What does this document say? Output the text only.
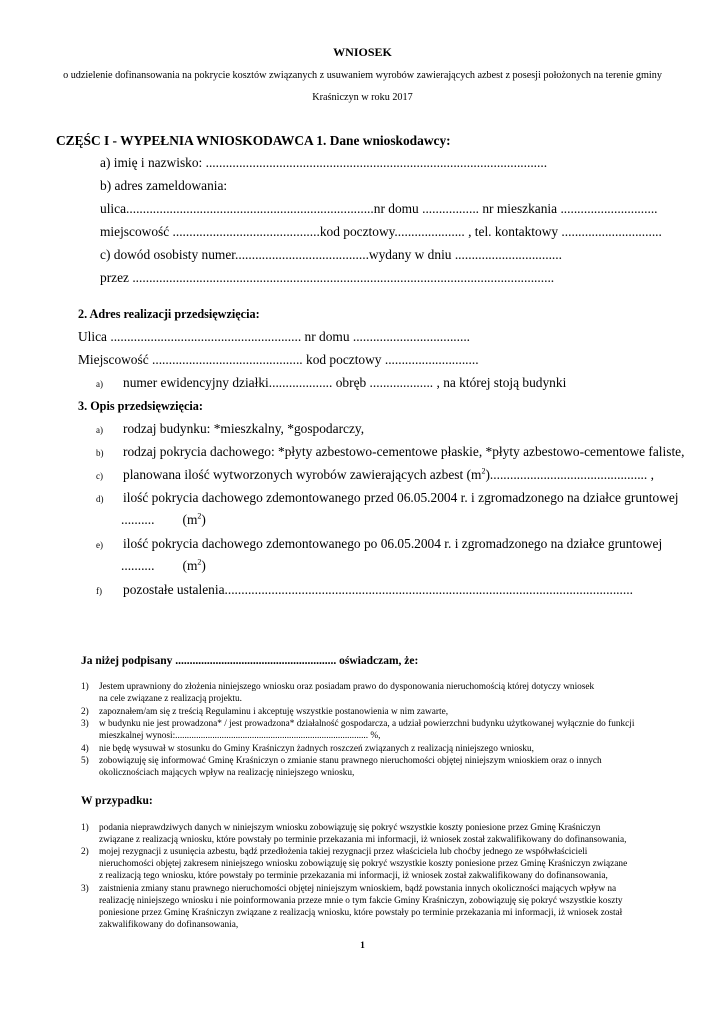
WNIOSEK
o udzielenie dofinansowania na pokrycie kosztów związanych z usuwaniem wyrobów zawierających azbest z posesji położonych na terenie gminy
Kraśniczyn w roku 2017
CZĘŚC I - WYPEŁNIA WNIOSKODAWCA 1. Dane wnioskodawcy:
a) imię i nazwisko: ......................................................................................................
b) adres zameldowania:
ulica..........................................................................nr domu ................. nr mieszkania .............................
miejscowość ............................................kod pocztowy..................... , tel. kontaktowy ..............................
c) dowód osobisty numer........................................wydany w dniu ................................
przez ..............................................................................................................................
2. Adres realizacji przedsięwzięcia:
Ulica ......................................................... nr domu ...................................
Miejscowość ............................................. kod pocztowy ............................
a) numer ewidencyjny działki................... obręb ................... , na której stoją budynki
3. Opis przedsięwzięcia:
a) rodzaj budynku: *mieszkalny, *gospodarczy,
b) rodzaj pokrycia dachowego: *płyty azbestowo-cementowe płaskie, *płyty azbestowo-cementowe faliste,
c) planowana ilość wytworzonych wyrobów zawierających azbest $(m^2)$............................................... ,
d) ilość pokrycia dachowego zdemontowanego przed 06.05.2004 r. i zgromadzonego na działce gruntowej
.......... $(m^2)$
e) ilość pokrycia dachowego zdemontowanego po 06.05.2004 r. i zgromadzonego na działce gruntowej
.......... $(m^2)$
f) pozostałe ustalenia..........................................................................................................................
Ja niżej podpisany ........................................................ oświadczam, że:
1) Jestem uprawniony do złożenia niniejszego wniosku oraz posiadam prawo do dysponowania nieruchomością której dotyczy wniosek
na cele związane z realizacją projektu.
2) zapoznałem/am się z treścią Regulaminu i akceptuję wszystkie postanowienia w nim zawarte,
3) w budynku nie jest prowadzona* / jest prowadzona* działalność gospodarcza, a udział powierzchni budynku użytkowanej wyłącznie do funkcji
mieszkalnej wynosi:................................................................................... %,
4) nie będę wysuwał w stosunku do Gminy Kraśniczyn żadnych roszczeń związanych z realizacją niniejszego wniosku,
5) zobowiązuję się informować Gminę Kraśniczyn o zmianie stanu prawnego nieruchomości objętej niniejszym wnioskiem oraz o innych
okolicznościach mających wpływ na realizację niniejszego wniosku,
W przypadku:
1) podania nieprawdziwych danych w niniejszym wniosku zobowiązuję się pokryć wszystkie koszty poniesione przez Gminę Kraśniczyn
związane z realizacją wniosku, które powstały po terminie przekazania mi informacji, iż wniosek został zakwalifikowany do dofinansowania,
2) mojej rezygnacji z usunięcia azbestu, bądź przedłożenia takiej rezygnacji przez właściciela lub choćby jednego ze współwłaścicieli
nieruchomości objętej zakresem niniejszego wniosku zobowiązuję się pokryć wszystkie koszty poniesione przez Gminę Kraśniczyn związane
z realizacją tego wniosku, które powstały po terminie przekazania mi informacji, iż wniosek został zakwalifikowany do dofinansowania,
3) zaistnienia zmiany stanu prawnego nieruchomości objętej niniejszym wnioskiem, bądź powstania innych okoliczności mających wpływ na
realizację niniejszego wniosku i nie poinformowania przeze mnie o tym fakcie Gminy Kraśniczyn, zobowiązuję się pokryć wszystkie koszty
poniesione przez Gminę Kraśniczyn związane z realizacją wniosku, które powstały po terminie przekazania mi informacji, iż wniosek został
zakwalifikowany do dofinansowania,
1
